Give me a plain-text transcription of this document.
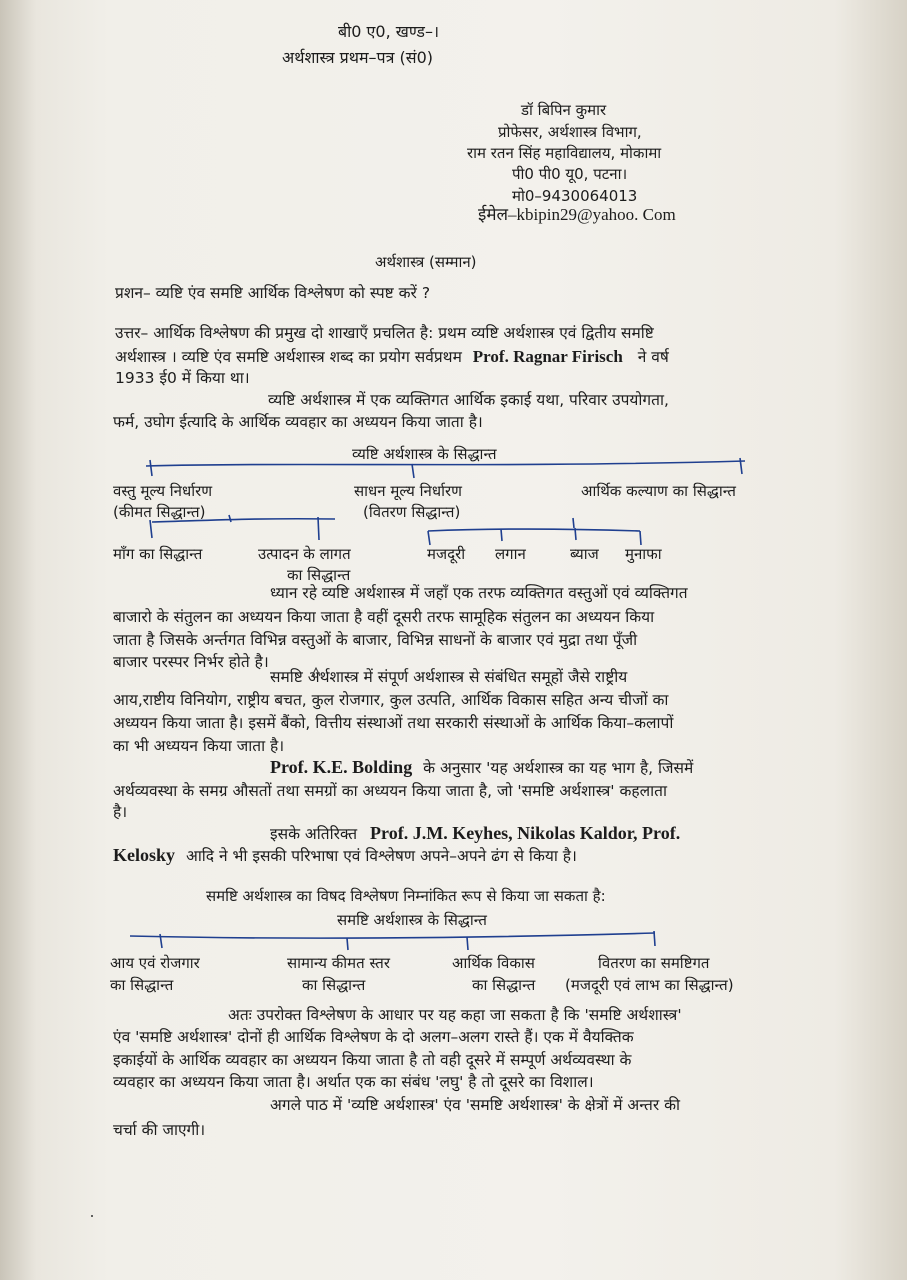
बी0 ए0, खण्ड–।
अर्थशास्त्र प्रथम–पत्र (सं0)
डॉ बिपिन कुमार
प्रोफेसर, अर्थशास्त्र विभाग,
राम रतन सिंह महाविद्यालय, मोकामा
पी0 पी0 यू0, पटना।
मो0–9430064013
ईमेल–kbipin29@yahoo. Com
अर्थशास्त्र (सम्मान)
प्रशन– व्यष्टि एंव समष्टि आर्थिक विश्लेषण को स्पष्ट करें ?
उत्तर– आर्थिक विश्लेषण की प्रमुख दो शाखाएँ प्रचलित है: प्रथम व्यष्टि अर्थशास्त्र एवं द्वितीय समष्टि
अर्थशास्त्र । व्यष्टि एंव समष्टि अर्थशास्त्र शब्द का प्रयोग सर्वप्रथम Prof. Ragnar Firisch ने वर्ष
1933 ई0 में किया था।
व्यष्टि अर्थशास्त्र में एक व्यक्तिगत आर्थिक इकाई यथा, परिवार उपयोगता,
फर्म, उघोग ईत्यादि के आर्थिक व्यवहार का अध्ययन किया जाता है।
व्यष्टि अर्थशास्त्र के सिद्धान्त
वस्तु मूल्य निर्धारण
(कीमत सिद्धान्त)
साधन मूल्य निर्धारण
(वितरण सिद्धान्त)
आर्थिक कल्याण का सिद्धान्त
माँग का सिद्धान्त	उत्पादन के लागत
का सिद्धान्त
मजदूरी लगान	ब्याज मुनाफा
ध्यान रहे व्यष्टि अर्थशास्त्र में जहाँ एक तरफ व्यक्तिगत वस्तुओं एवं व्यक्तिगत
बाजारो के संतुलन का अध्ययन किया जाता है वहीं दूसरी तरफ सामूहिक संतुलन का अध्ययन किया
जाता है जिसके अर्न्तगत विभिन्न वस्तुओं के बाजार, विभिन्न साधनों के बाजार एवं मुद्रा तथा पूँजी
बाजार परस्पर निर्भर होते है।
समष्टि अर्थशास्त्र में संपूर्ण अर्थशास्त्र से संबंधित समूहों जैसे राष्ट्रीय
आय,राष्टीय विनियोग, राष्ट्रीय बचत, कुल रोजगार, कुल उत्पति, आर्थिक विकास सहित अन्य चीजों का
अध्ययन किया जाता है। इसमें बैंको, वित्तीय संस्थाओं तथा सरकारी संस्थाओं के आर्थिक किया–कलापों
का भी अध्ययन किया जाता है।
Prof. K.E. Bolding के अनुसार 'यह अर्थशास्त्र का यह भाग है, जिसमें
अर्थव्यवस्था के समग्र औसतों तथा समग्रों का अध्ययन किया जाता है, जो 'समष्टि अर्थशास्त्र' कहलाता
है।
इसके अतिरिक्त Prof. J.M. Keyhes, Nikolas Kaldor, Prof.
Kelosky आदि ने भी इसकी परिभाषा एवं विश्लेषण अपने–अपने ढंग से किया है।
समष्टि अर्थशास्त्र का विषद विश्लेषण निम्नांकित रूप से किया जा सकता है:
समष्टि अर्थशास्त्र के सिद्धान्त
आय एवं रोजगार
का सिद्धान्त
सामान्य कीमत स्तर
का सिद्धान्त
आर्थिक विकास
का सिद्धान्त
वितरण का समष्टिगत
(मजदूरी एवं लाभ का सिद्धान्त)
अतः उपरोक्त विश्लेषण के आधार पर यह कहा जा सकता है कि 'समष्टि अर्थशास्त्र'
एंव 'समष्टि अर्थशास्त्र' दोनों ही आर्थिक विश्लेषण के दो अलग–अलग रास्ते हैं। एक में वैयक्तिक
इकाईयों के आर्थिक व्यवहार का अध्ययन किया जाता है तो वही दूसरे में सम्पूर्ण अर्थव्यवस्था के
व्यवहार का अध्ययन किया जाता है। अर्थात एक का संबंध 'लघु' है तो दूसरे का विशाल।
अगले पाठ में 'व्यष्टि अर्थशास्त्र' एंव 'समष्टि अर्थशास्त्र' के क्षेत्रों में अन्तर की
चर्चा की जाएगी।
